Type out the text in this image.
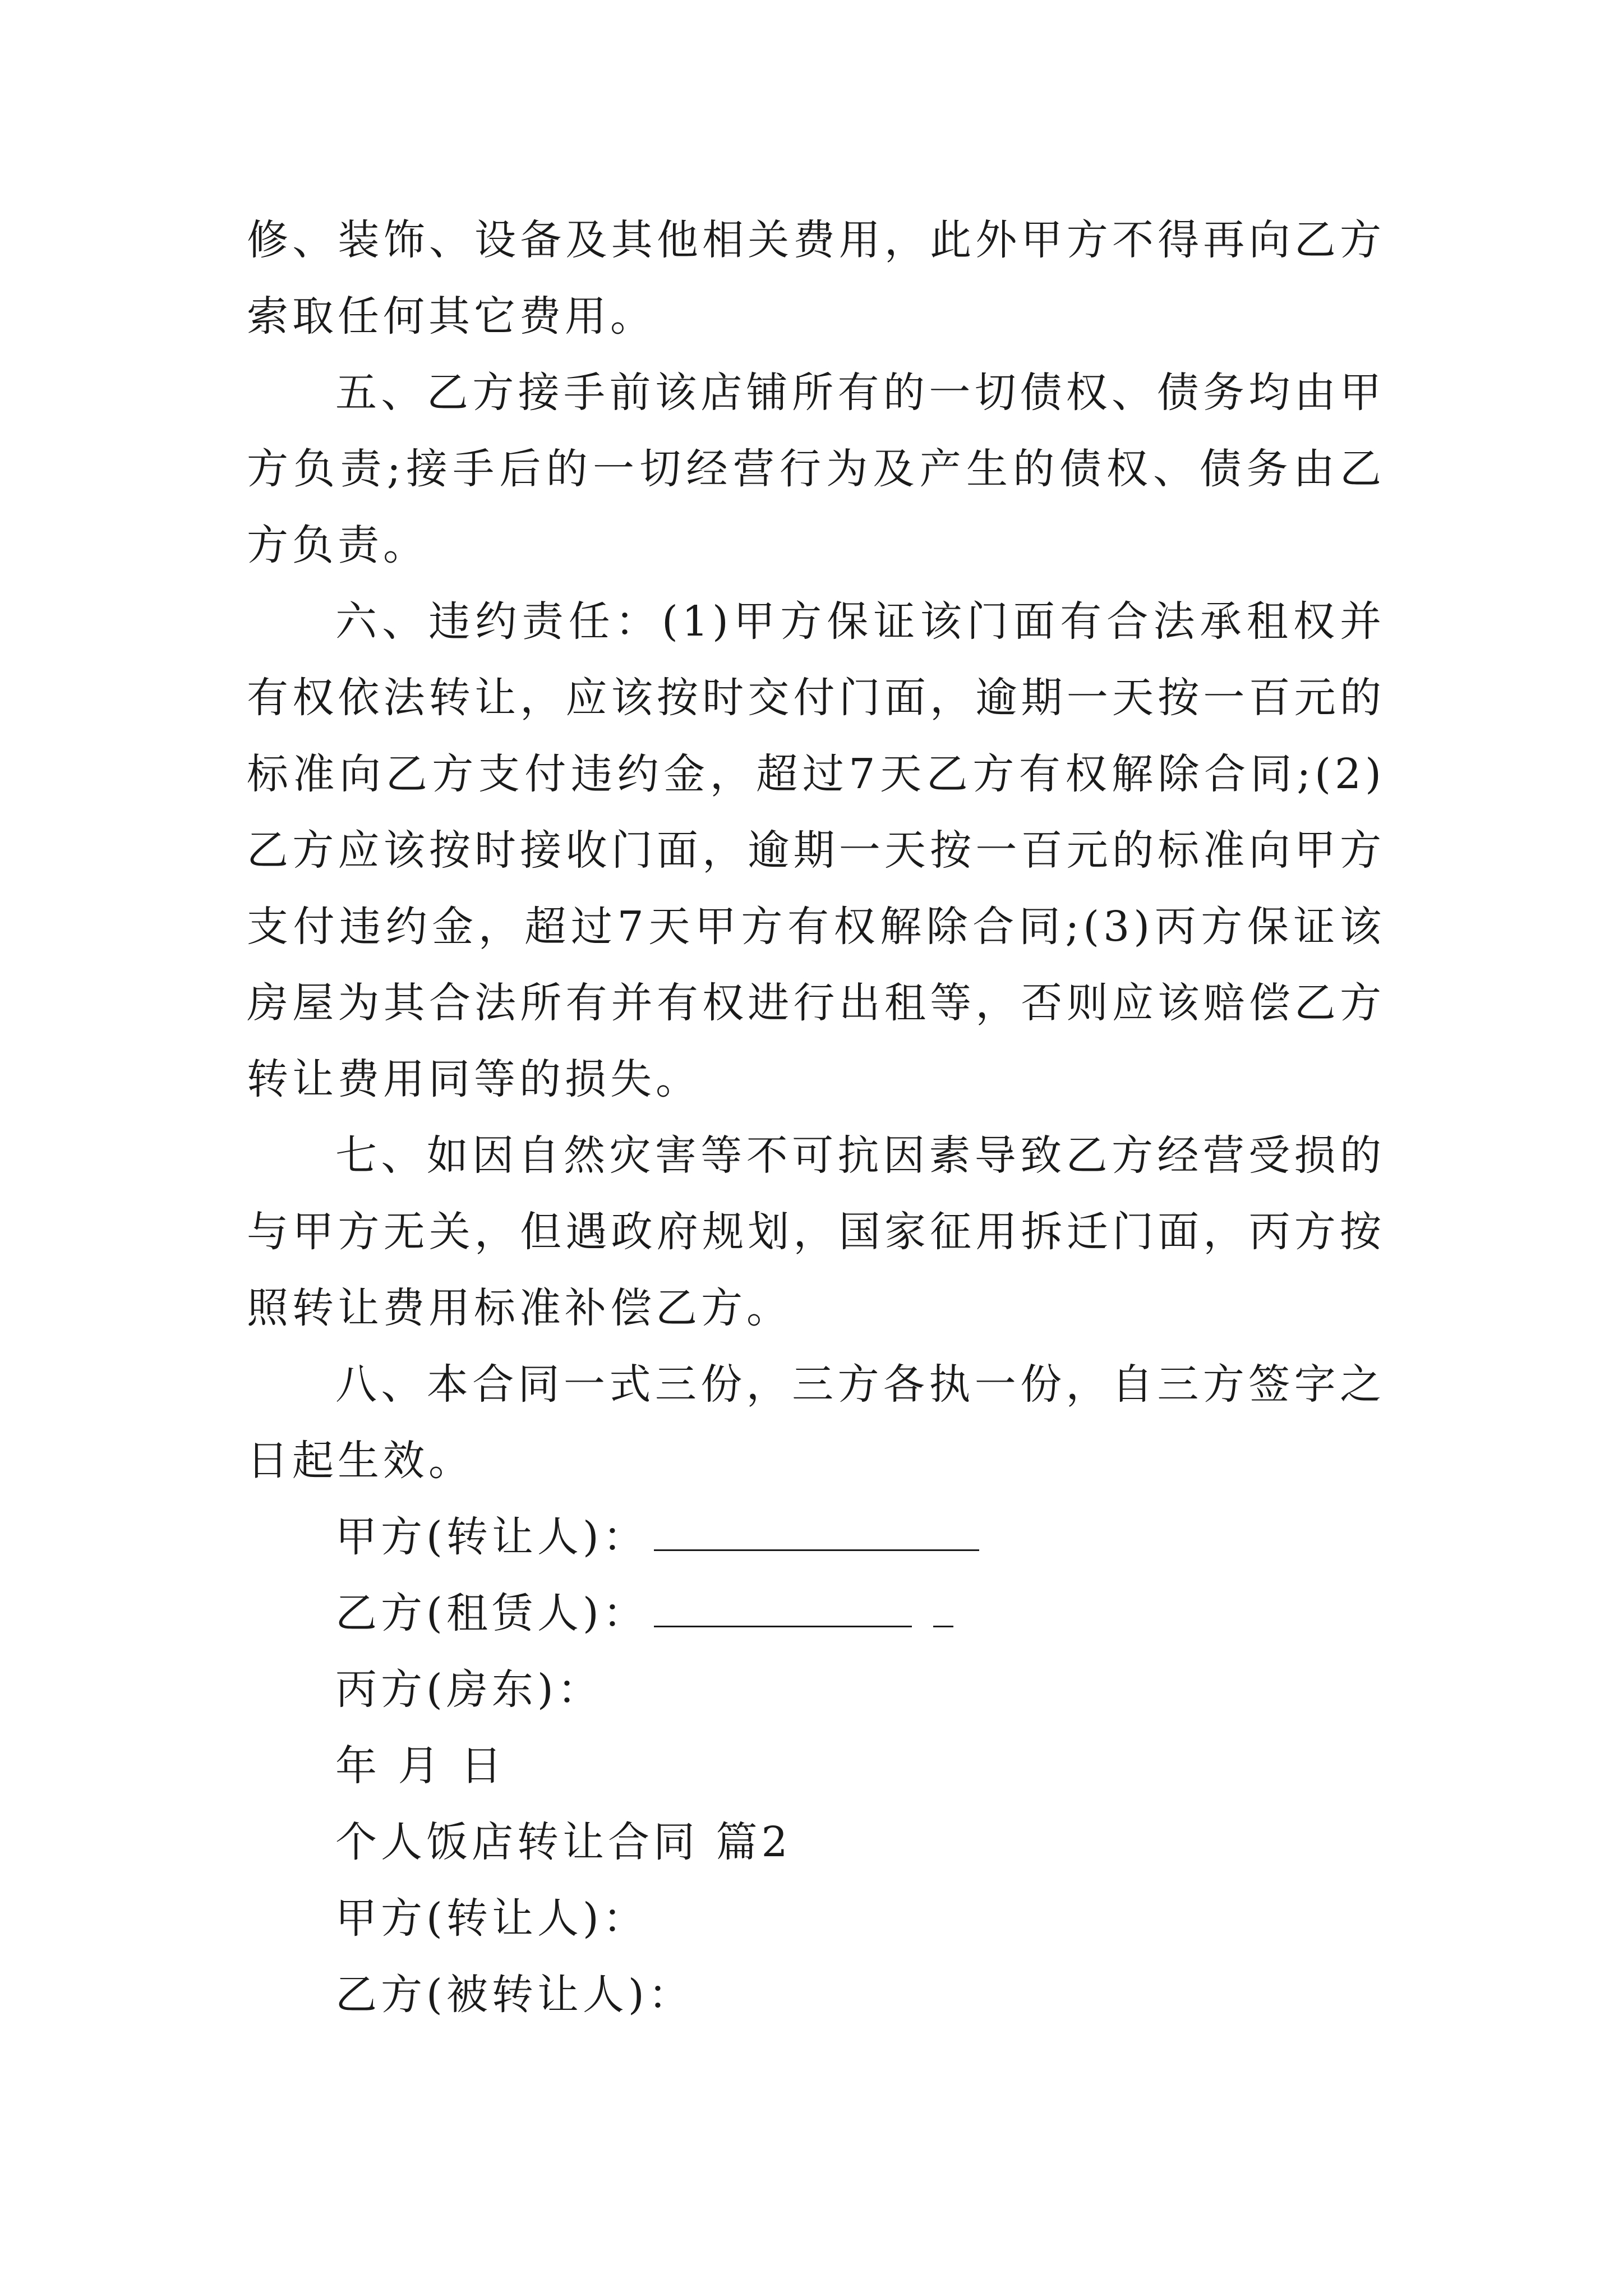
修、装饰、设备及其他相关费用，此外甲方不得再向乙方索取任何其它费用。

五、乙方接手前该店铺所有的一切债权、债务均由甲方负责;接手后的一切经营行为及产生的债权、债务由乙方负责。

六、违约责任：(1)甲方保证该门面有合法承租权并有权依法转让，应该按时交付门面，逾期一天按一百元的标准向乙方支付违约金，超过7天乙方有权解除合同;(2)乙方应该按时接收门面，逾期一天按一百元的标准向甲方支付违约金，超过7天甲方有权解除合同;(3)丙方保证该房屋为其合法所有并有权进行出租等，否则应该赔偿乙方转让费用同等的损失。

七、如因自然灾害等不可抗因素导致乙方经营受损的与甲方无关，但遇政府规划，国家征用拆迁门面，丙方按照转让费用标准补偿乙方。

八、本合同一式三份，三方各执一份，自三方签字之日起生效。

甲方(转让人)：

乙方(租赁人)：

丙方(房东)：

年 月 日

个人饭店转让合同 篇2

甲方(转让人)：

乙方(被转让人)：
